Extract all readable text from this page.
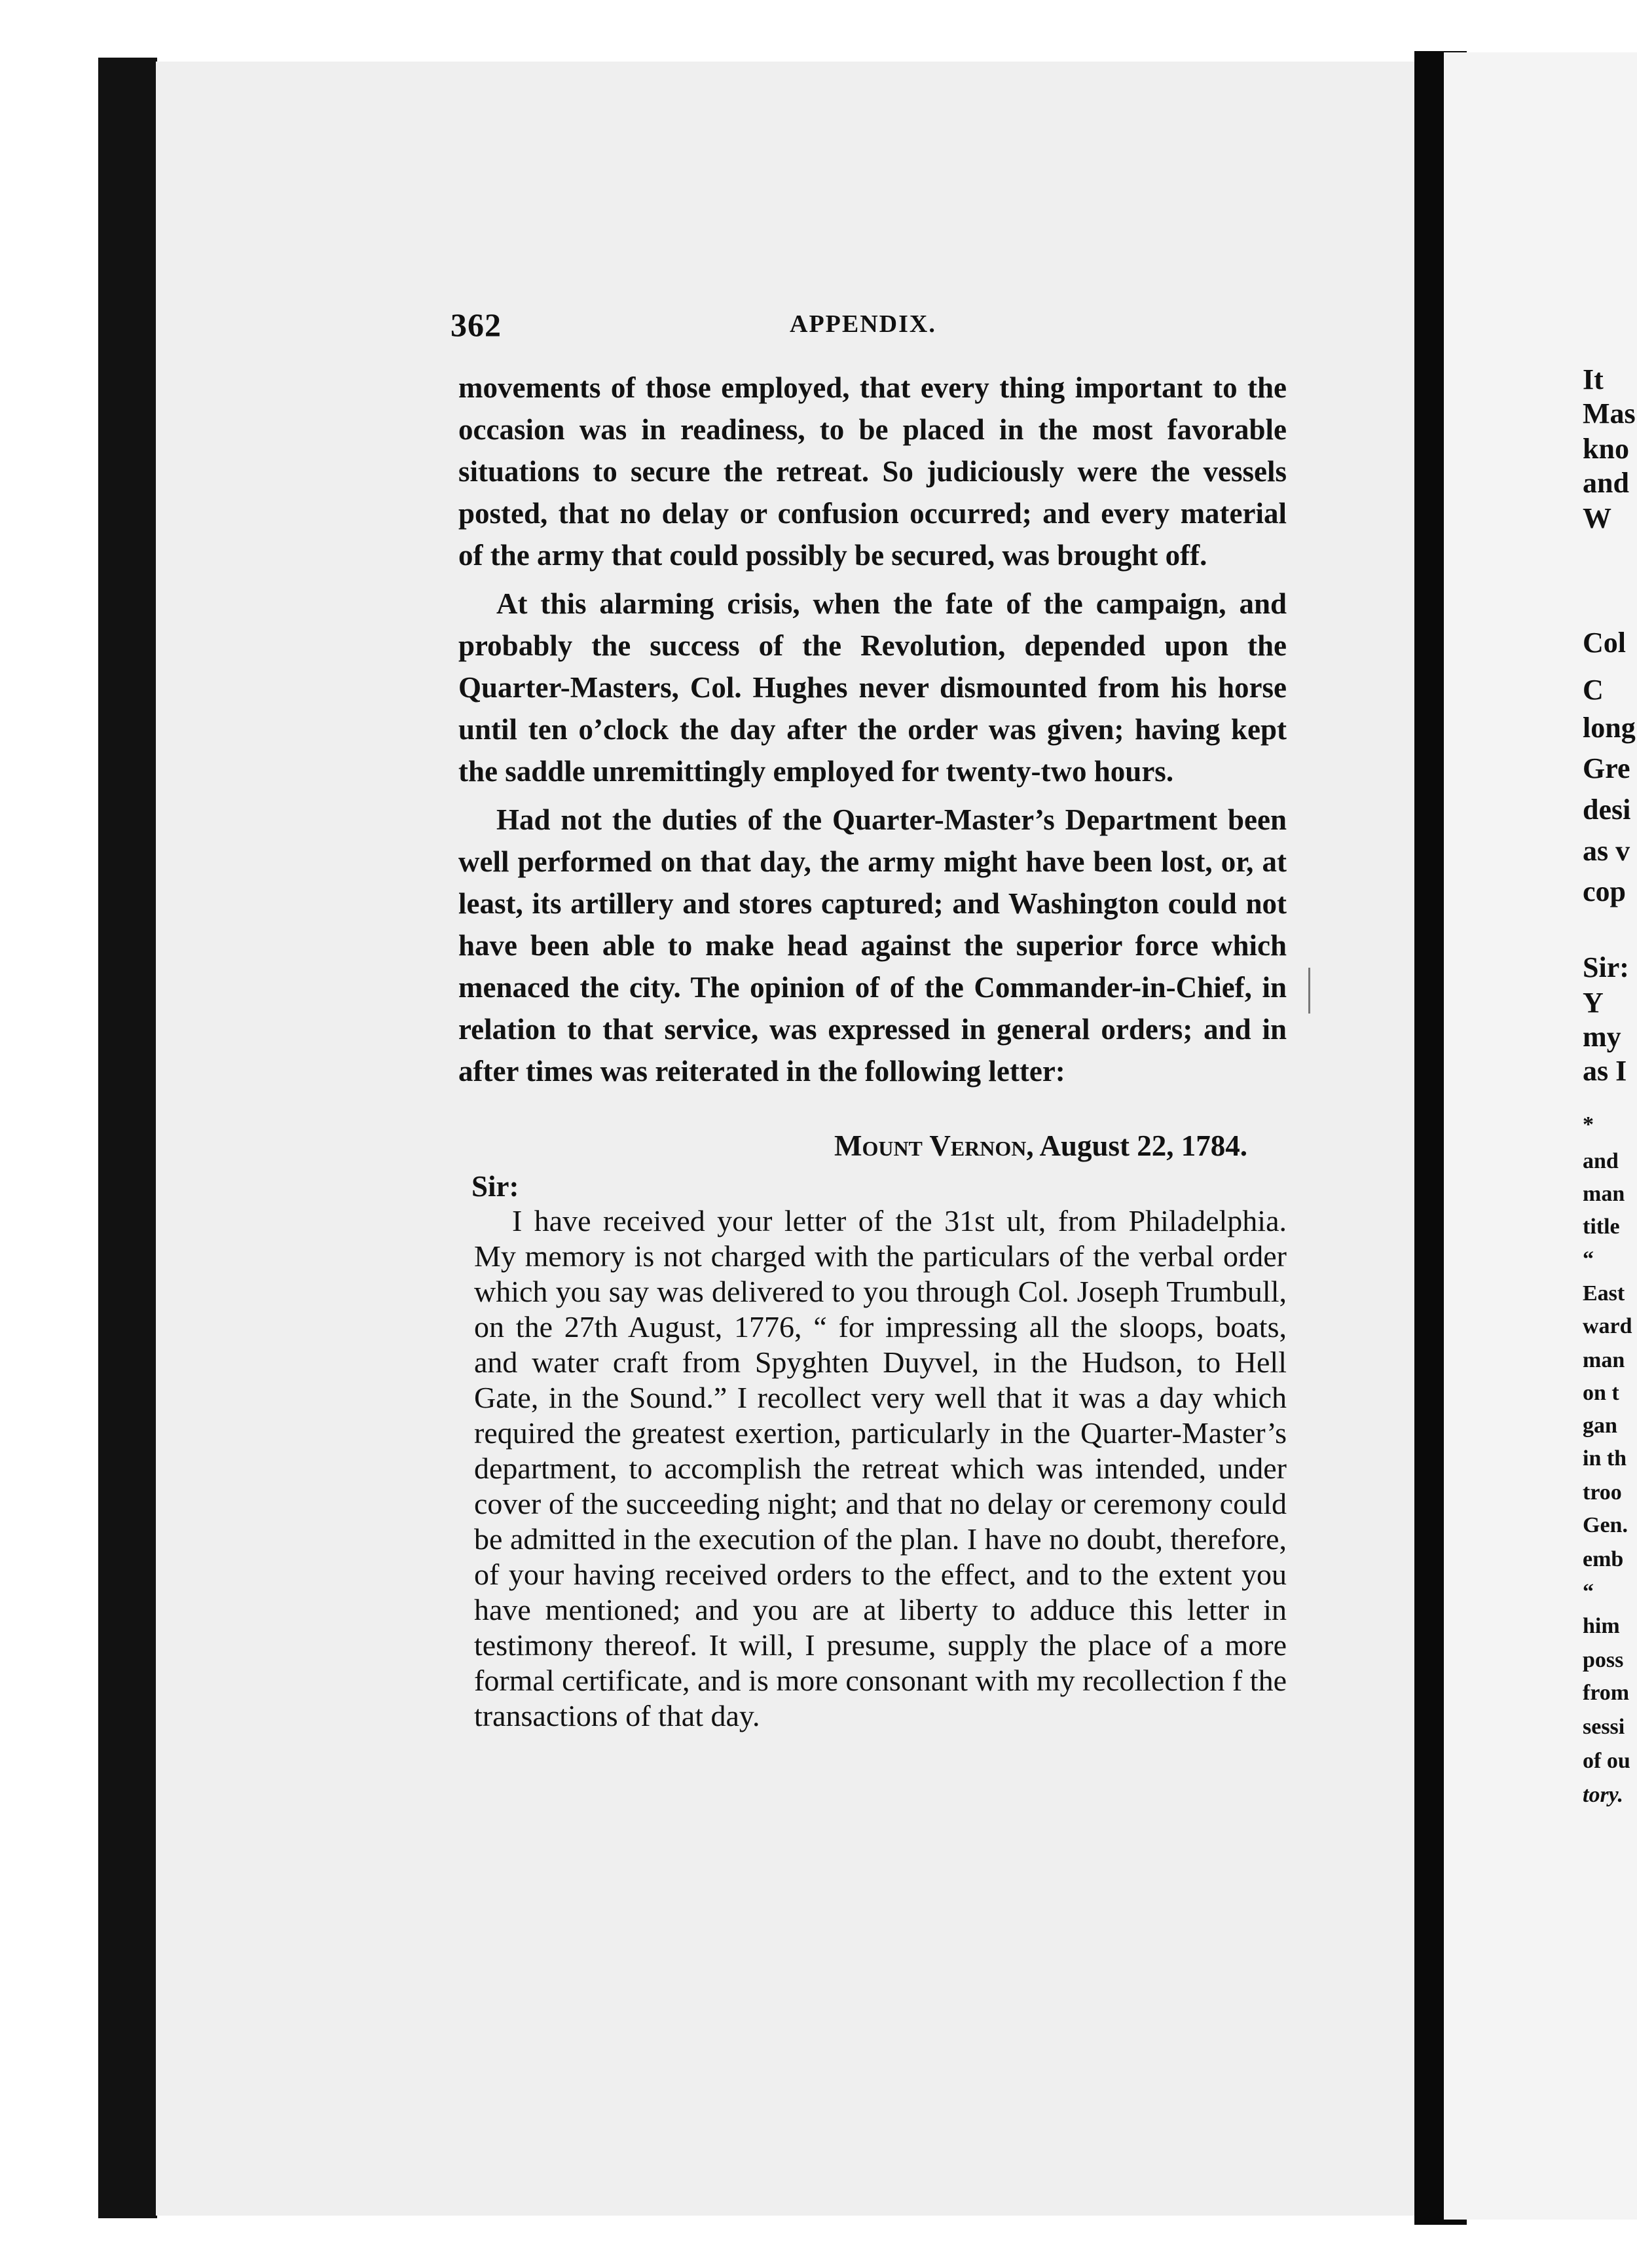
362	APPENDIX.

movements of those employed, that every thing important to the occasion was in readiness, to be placed in the most favorable situations to secure the retreat. So judiciously were the vessels posted, that no delay or confusion occurred; and every material of the army that could possibly be secured, was brought off.

At this alarming crisis, when the fate of the campaign, and probably the success of the Revolution, depended upon the Quarter-Masters, Col. Hughes never dismounted from his horse until ten o’clock the day after the order was given; having kept the saddle unremittingly employed for twenty-two hours.

Had not the duties of the Quarter-Master’s Department been well performed on that day, the army might have been lost, or, at least, its artillery and stores captured; and Washington could not have been able to make head against the superior force which menaced the city. The opinion of of the Commander-in-Chief, in relation to that service, was expressed in general orders; and in after times was reiterated in the following letter:

Mount Vernon, August 22, 1784.
Sir:

I have received your letter of the 31st ult, from Philadelphia. My memory is not charged with the particulars of the verbal order which you say was delivered to you through Col. Joseph Trumbull, on the 27th August, 1776, “ for impressing all the sloops, boats, and water craft from Spyghten Duyvel, in the Hudson, to Hell Gate, in the Sound.” I recollect very well that it was a day which required the greatest exertion, particularly in the Quarter-Master’s department, to accomplish the retreat which was intended, under cover of the succeeding night; and that no delay or ceremony could be admitted in the execution of the plan. I have no doubt, therefore, of your having received orders to the effect, and to the extent you have mentioned; and you are at liberty to adduce this letter in testimony thereof. It will, I presume, supply the place of a more formal certificate, and is more consonant with my recollection f the transactions of that day.

It
Mas
kno
and
W
Col
C
long
Gre
desi
as v
cop
Sir:
Y
my
as I
*
and
man
title
“
East
ward
man
on t
gan
in th
troo
Gen.
emb
“
him
poss
from
sessi
of ou
tory.
